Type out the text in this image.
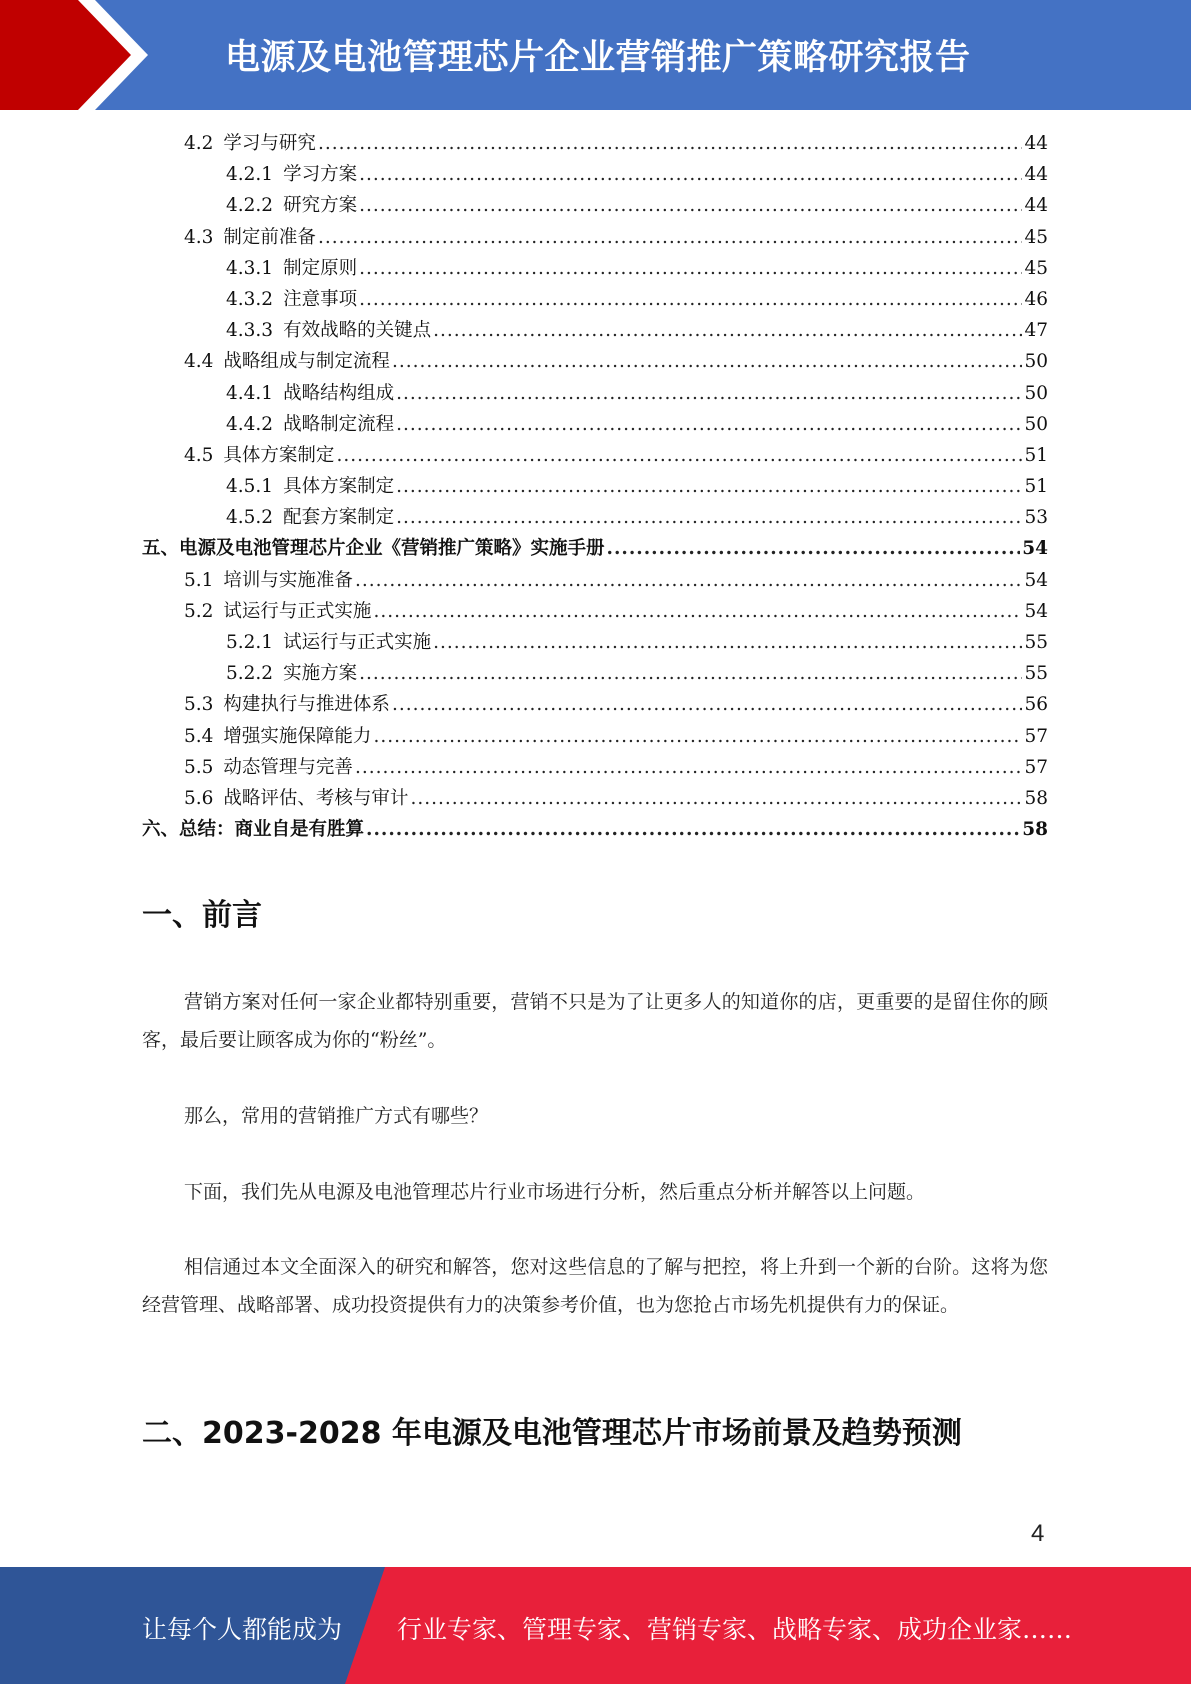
电源及电池管理芯片企业营销推广策略研究报告
4.2 学习与研究 .....	44
4.2.1 学习方案 .....	44
4.2.2 研究方案 .....	44
4.3 制定前准备 .....	45
4.3.1 制定原则 .....	45
4.3.2 注意事项 .....	46
4.3.3 有效战略的关键点 .....	47
4.4 战略组成与制定流程 .....	50
4.4.1 战略结构组成 .....	50
4.4.2 战略制定流程 .....	50
4.5 具体方案制定 .....	51
4.5.1 具体方案制定 .....	51
4.5.2 配套方案制定 .....	53
五、电源及电池管理芯片企业《营销推广策略》实施手册 .....	54
5.1 培训与实施准备 .....	54
5.2 试运行与正式实施 .....	54
5.2.1 试运行与正式实施 .....	55
5.2.2 实施方案 .....	55
5.3 构建执行与推进体系 .....	56
5.4 增强实施保障能力 .....	57
5.5 动态管理与完善 .....	57
5.6 战略评估、考核与审计 .....	58
六、总结：商业自是有胜算 .....	58
一、前言

营销方案对任何一家企业都特别重要，营销不只是为了让更多人的知道你的店，更重要的是留住你的顾客，最后要让顾客成为你的“粉丝”。

那么，常用的营销推广方式有哪些？

下面，我们先从电源及电池管理芯片行业市场进行分析，然后重点分析并解答以上问题。

相信通过本文全面深入的研究和解答，您对这些信息的了解与把控，将上升到一个新的台阶。这将为您经营管理、战略部署、成功投资提供有力的决策参考价值，也为您抢占市场先机提供有力的保证。

二、2023-2028 年电源及电池管理芯片市场前景及趋势预测
4
让每个人都能成为 行业专家、管理专家、营销专家、战略专家、成功企业家……
